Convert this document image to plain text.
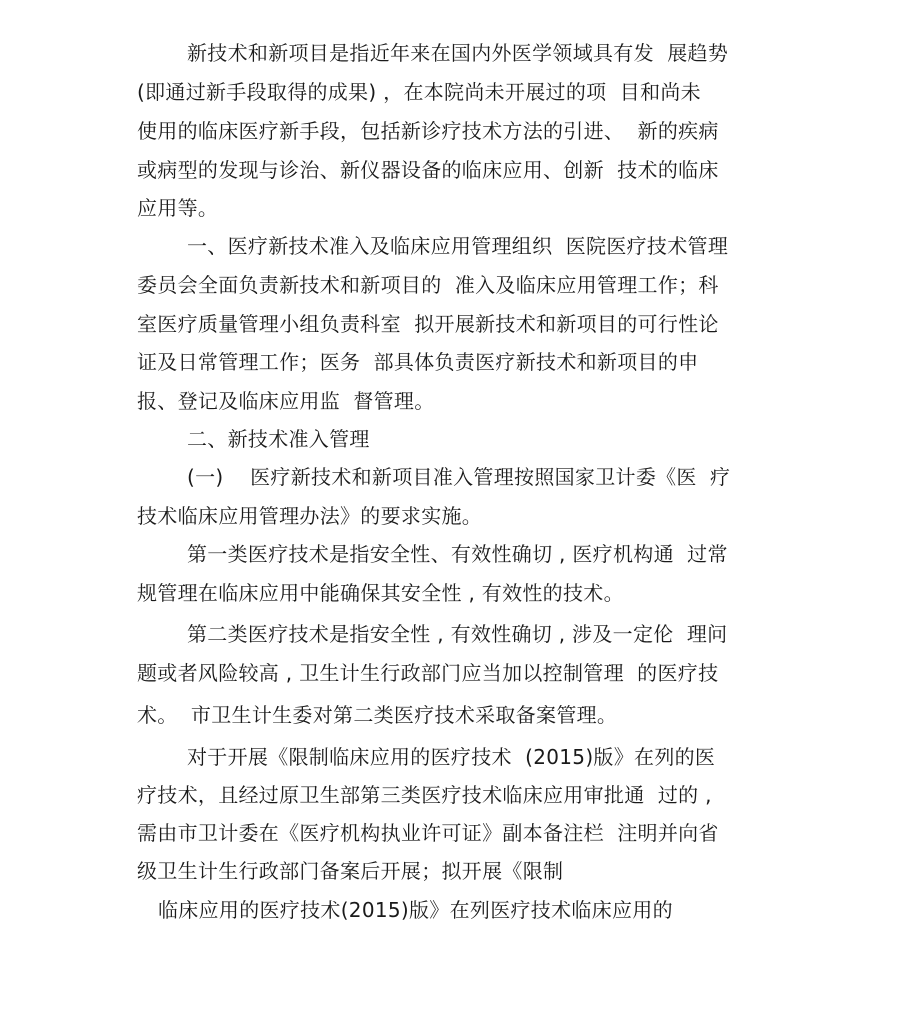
新技术和新项目是指近年来在国内外医学领域具有发  展趋势
(即通过新手段取得的成果) ，在本院尚未开展过的项  目和尚未
使用的临床医疗新手段，包括新诊疗技术方法的引进、  新的疾病
或病型的发现与诊治、新仪器设备的临床应用、创新  技术的临床
应用等。
一、医疗新技术准入及临床应用管理组织  医院医疗技术管理
委员会全面负责新技术和新项目的  准入及临床应用管理工作；科
室医疗质量管理小组负责科室  拟开展新技术和新项目的可行性论
证及日常管理工作；医务  部具体负责医疗新技术和新项目的申
报、登记及临床应用监  督管理。
二、新技术准入管理
(一)    医疗新技术和新项目准入管理按照国家卫计委《医  疗
技术临床应用管理办法》的要求实施。
第一类医疗技术是指安全性、有效性确切 , 医疗机构通  过常
规管理在临床应用中能确保其安全性 , 有效性的技术。
第二类医疗技术是指安全性 , 有效性确切 , 涉及一定伦  理问
题或者风险较高 , 卫生计生行政部门应当加以控制管理  的医疗技
术。  市卫生计生委对第二类医疗技术采取备案管理。
对于开展《限制临床应用的医疗技术  (2015)版》在列的医
疗技术，且经过原卫生部第三类医疗技术临床应用审批通  过的 ,
需由市卫计委在《医疗机构执业许可证》副本备注栏  注明并向省
级卫生计生行政部门备案后开展；拟开展《限制
临床应用的医疗技术(2015)版》在列医疗技术临床应用的
